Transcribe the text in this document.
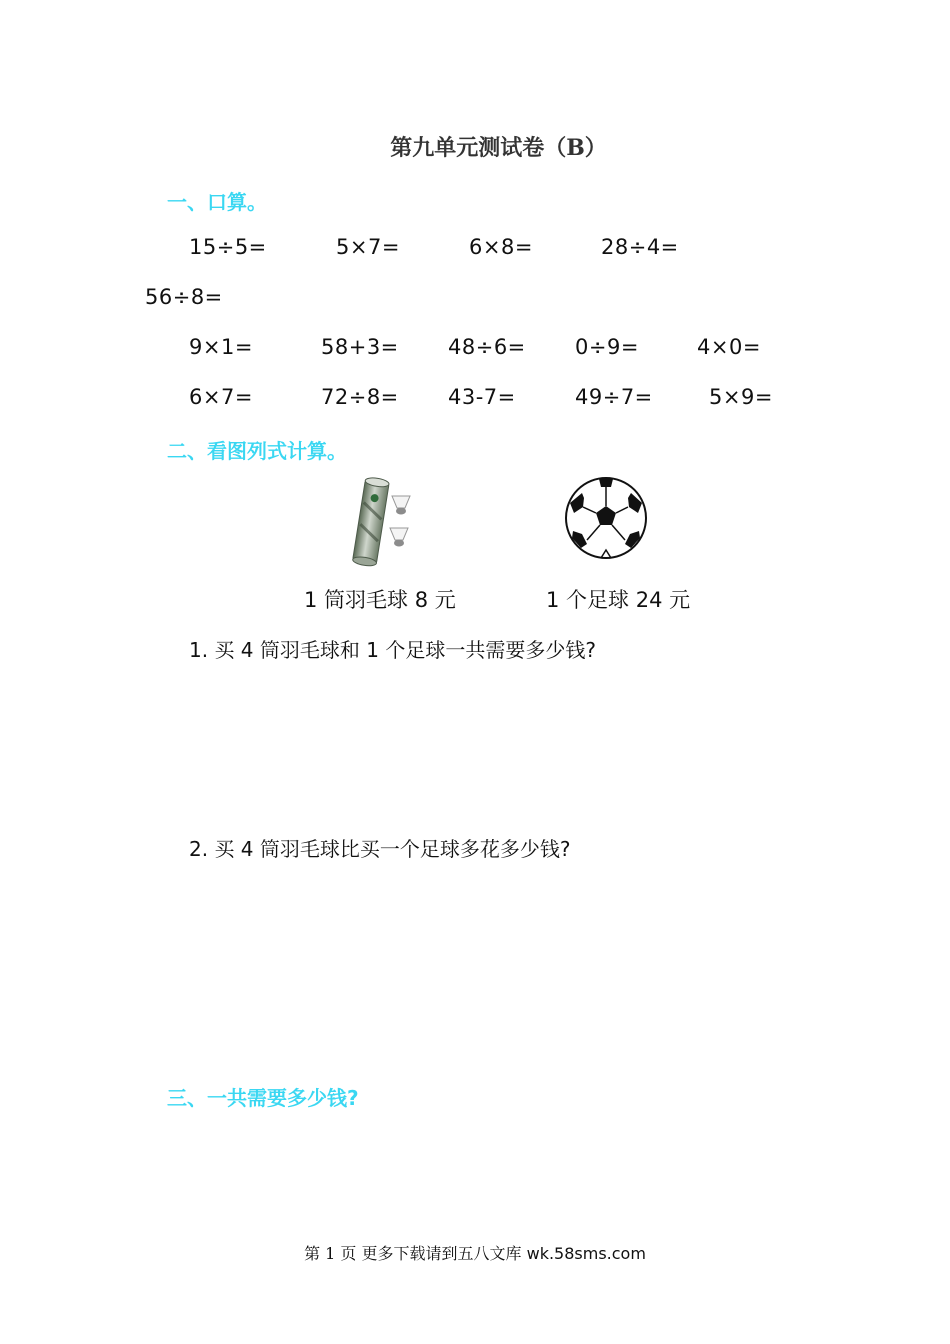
第九单元测试卷（B）
一、口算。
15÷5=	5×7=	6×8=	28÷4=
56÷8=
9×1=	58+3= 48÷6= 0÷9=	4×0=
6×7=	72÷8= 43-7=	49÷7=	5×9=
二、看图列式计算。
1 筒羽毛球 8 元	1 个足球 24 元
1. 买 4 筒羽毛球和 1 个足球一共需要多少钱?
2. 买 4 筒羽毛球比买一个足球多花多少钱?
三、一共需要多少钱?
第 1 页 更多下载请到五八文库 wk.58sms.com
